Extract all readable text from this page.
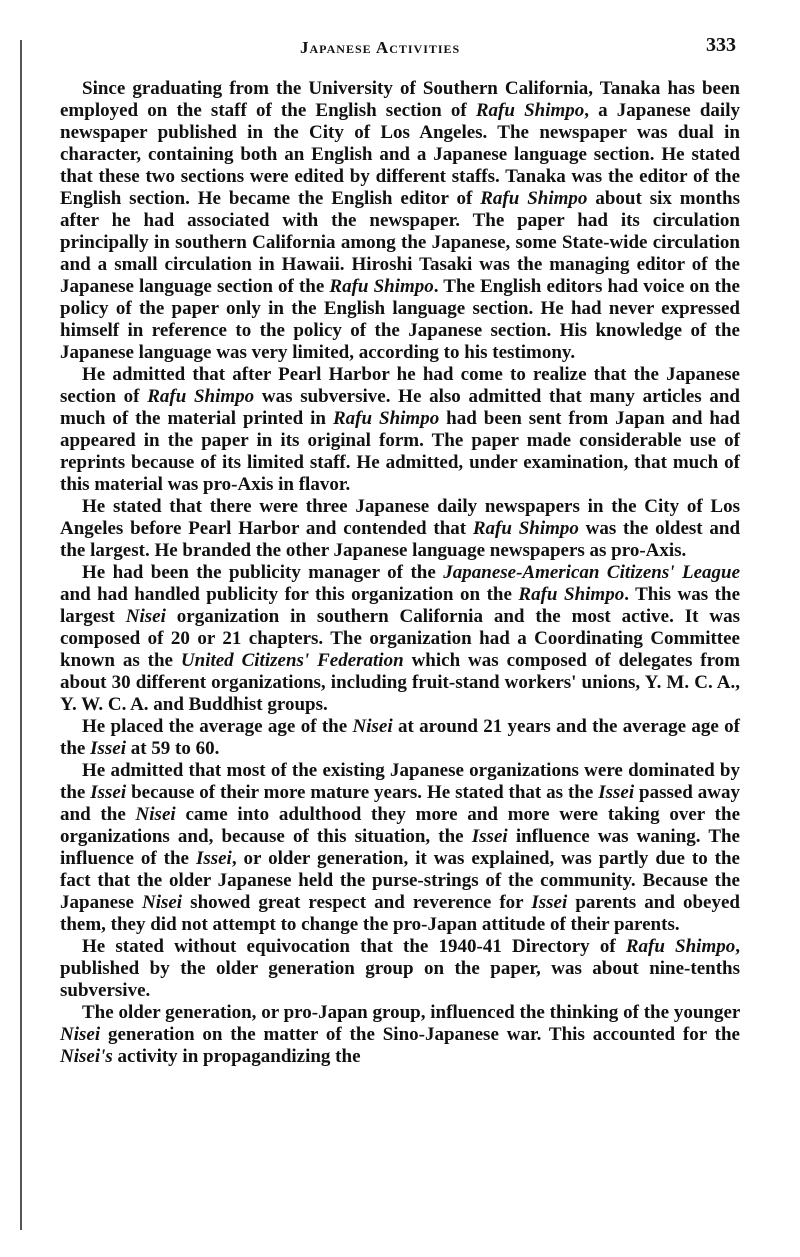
Japanese Activities	333

Since graduating from the University of Southern California, Tanaka has been employed on the staff of the English section of Rafu Shimpo, a Japanese daily newspaper published in the City of Los Angeles. The newspaper was dual in character, containing both an English and a Japanese language section. He stated that these two sections were edited by different staffs. Tanaka was the editor of the English section. He became the English editor of Rafu Shimpo about six months after he had associated with the newspaper. The paper had its circulation principally in southern California among the Japanese, some State-wide circulation and a small circulation in Hawaii. Hiroshi Tasaki was the managing editor of the Japanese language section of the Rafu Shimpo. The English editors had voice on the policy of the paper only in the English language section. He had never expressed himself in reference to the policy of the Japanese section. His knowledge of the Japanese language was very limited, according to his testimony.

He admitted that after Pearl Harbor he had come to realize that the Japanese section of Rafu Shimpo was subversive. He also admitted that many articles and much of the material printed in Rafu Shimpo had been sent from Japan and had appeared in the paper in its original form. The paper made considerable use of reprints because of its limited staff. He admitted, under examination, that much of this material was pro-Axis in flavor.

He stated that there were three Japanese daily newspapers in the City of Los Angeles before Pearl Harbor and contended that Rafu Shimpo was the oldest and the largest. He branded the other Japanese language newspapers as pro-Axis.

He had been the publicity manager of the Japanese-American Citizens' League and had handled publicity for this organization on the Rafu Shimpo. This was the largest Nisei organization in southern California and the most active. It was composed of 20 or 21 chapters. The organization had a Coordinating Committee known as the United Citizens' Federation which was composed of delegates from about 30 different organizations, including fruit-stand workers' unions, Y. M. C. A., Y. W. C. A. and Buddhist groups.

He placed the average age of the Nisei at around 21 years and the average age of the Issei at 59 to 60.

He admitted that most of the existing Japanese organizations were dominated by the Issei because of their more mature years. He stated that as the Issei passed away and the Nisei came into adulthood they more and more were taking over the organizations and, because of this situation, the Issei influence was waning. The influence of the Issei, or older generation, it was explained, was partly due to the fact that the older Japanese held the purse-strings of the community. Because the Japanese Nisei showed great respect and reverence for Issei parents and obeyed them, they did not attempt to change the pro-Japan attitude of their parents.

He stated without equivocation that the 1940-41 Directory of Rafu Shimpo, published by the older generation group on the paper, was about nine-tenths subversive.

The older generation, or pro-Japan group, influenced the thinking of the younger Nisei generation on the matter of the Sino-Japanese war. This accounted for the Nisei's activity in propagandizing the
